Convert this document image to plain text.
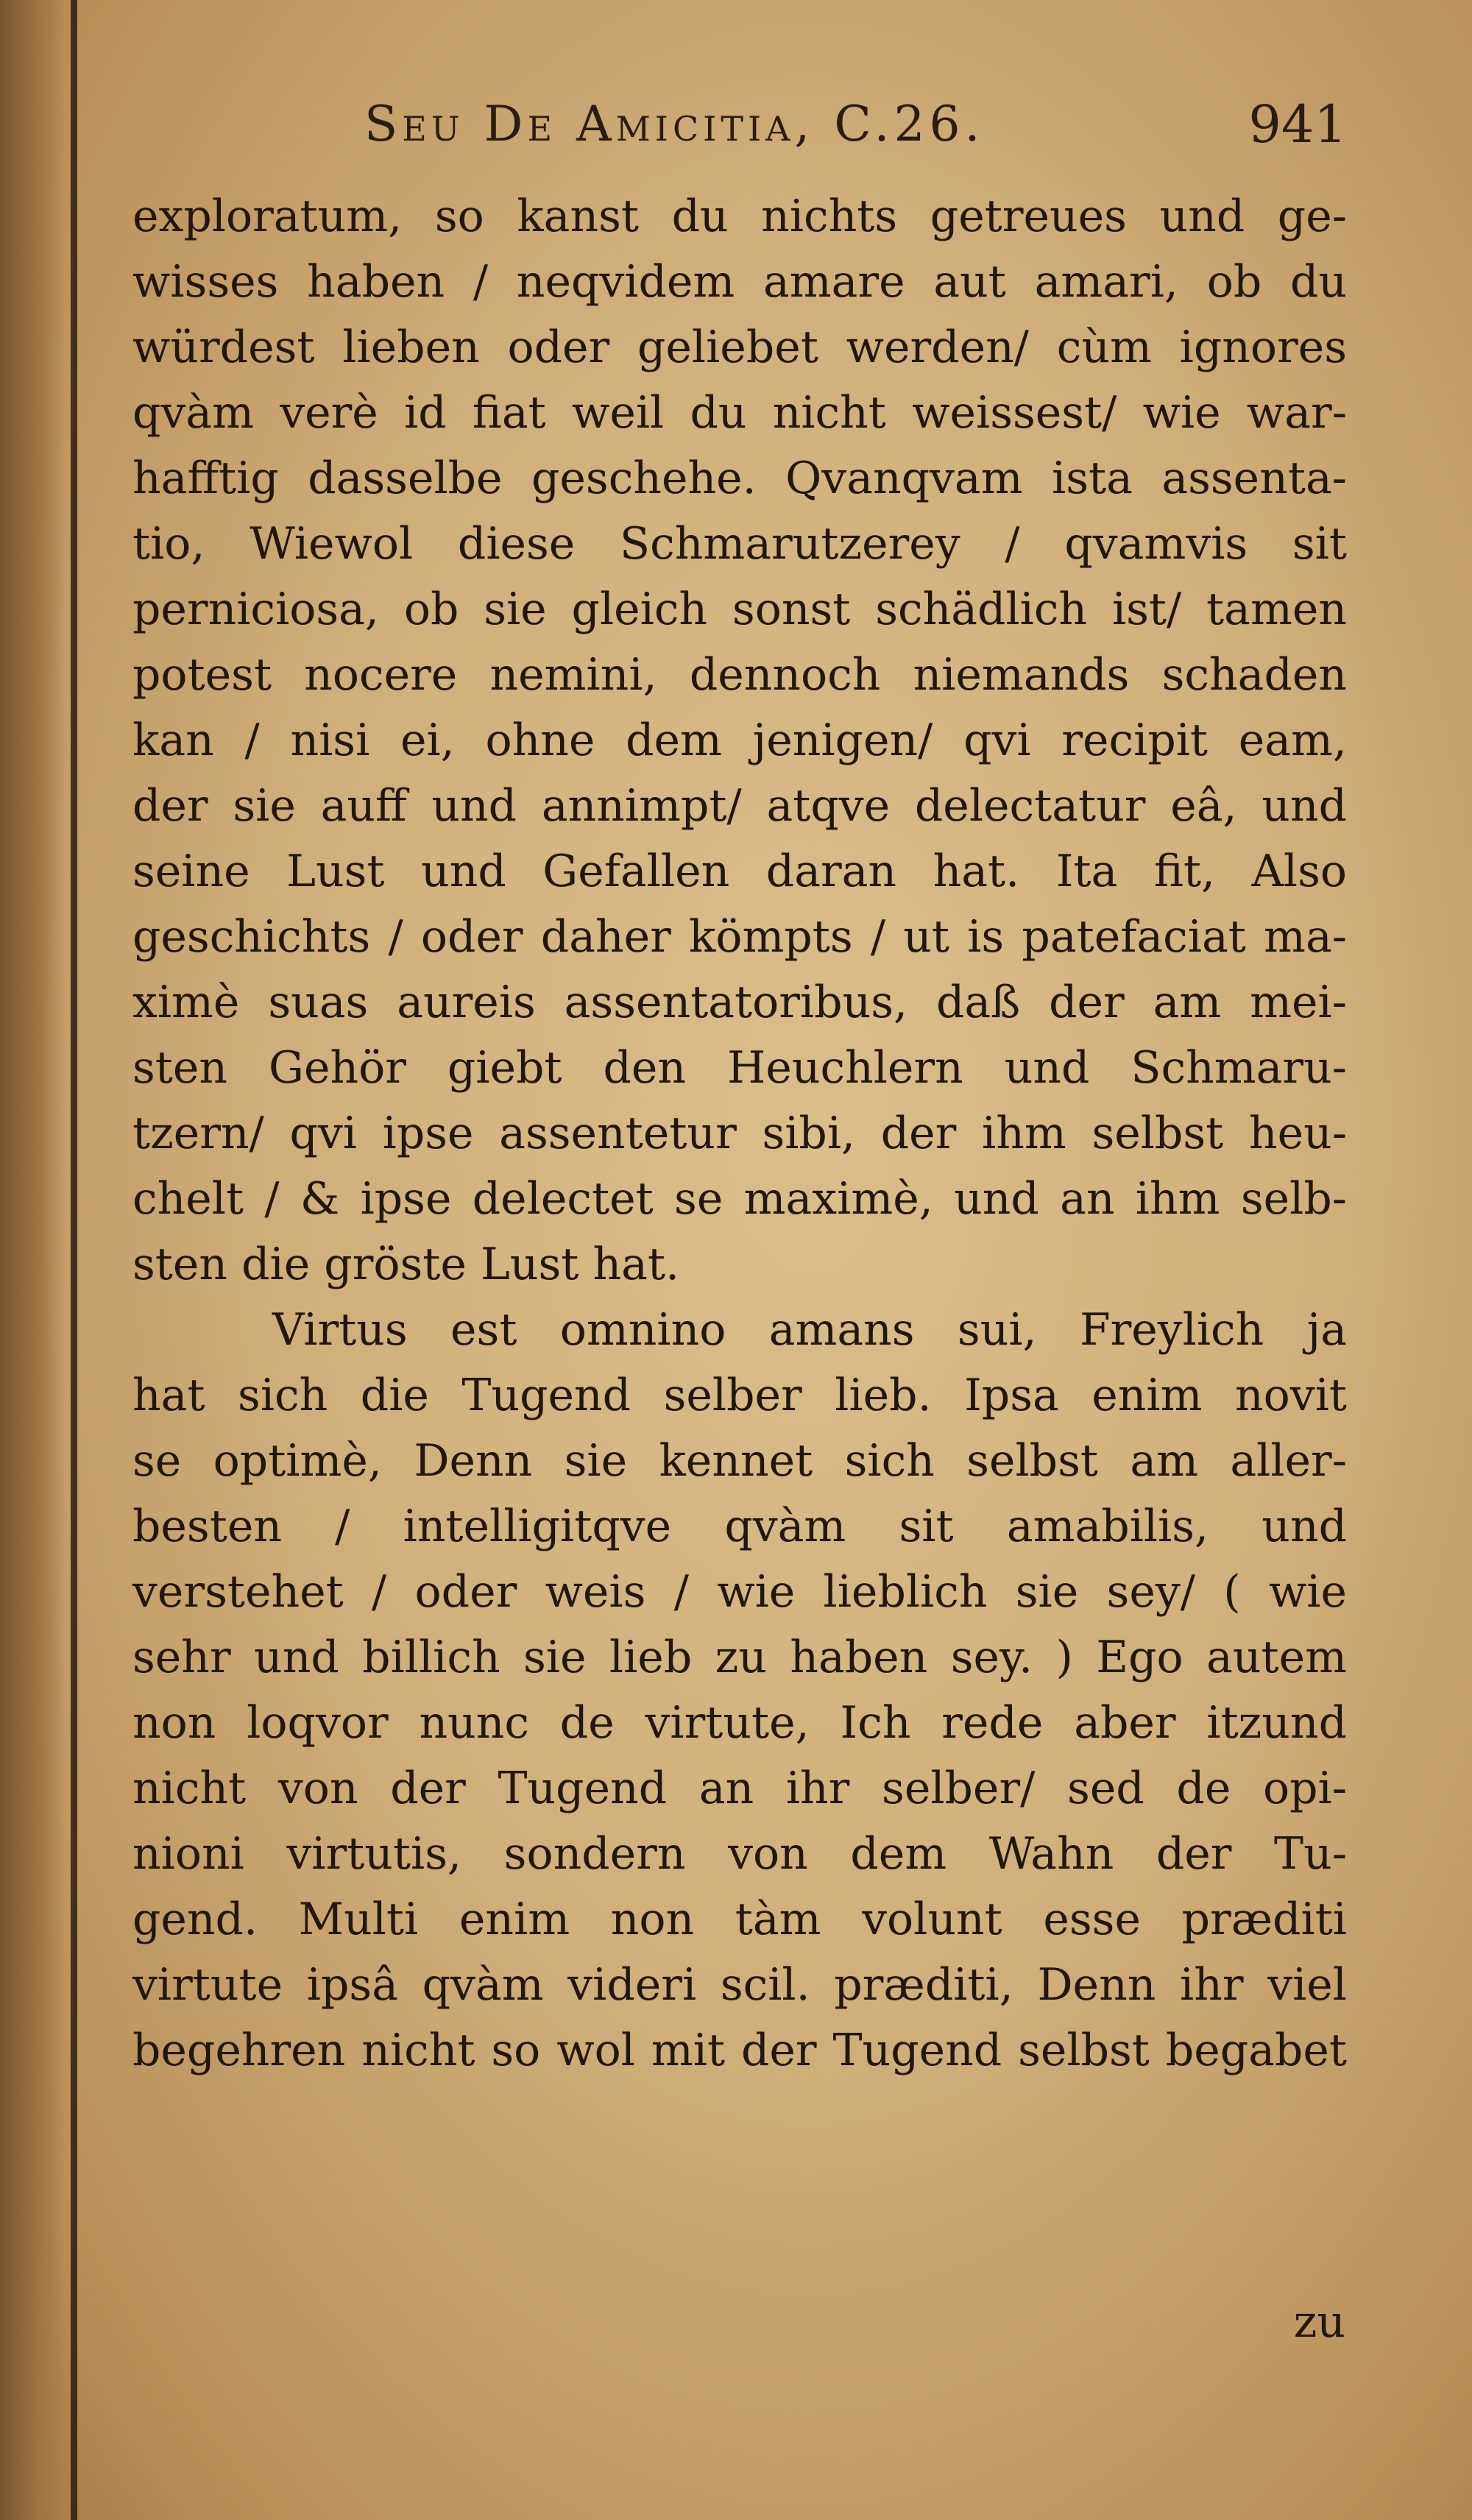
Seu De Amicitia, C.26.	941
exploratum, so kanst du nichts getreues und ge-
wisses haben / neqvidem amare aut amari, ob du
würdest lieben oder geliebet werden/ cùm ignores
qvàm verè id fiat weil du nicht weissest/ wie war-
hafftig dasselbe geschehe. Qvanqvam ista assenta-
tio, Wiewol diese Schmarutzerey / qvamvis sit
perniciosa, ob sie gleich sonst schädlich ist/ tamen
potest nocere nemini, dennoch niemands schaden
kan / nisi ei, ohne dem jenigen/ qvi recipit eam,
der sie auff und annimpt/ atqve delectatur eâ, und
seine Lust und Gefallen daran hat. Ita fit, Also
geschichts / oder daher kömpts / ut is patefaciat ma-
ximè suas aureis assentatoribus, daß der am mei-
sten Gehör giebt den Heuchlern und Schmaru-
tzern/ qvi ipse assentetur sibi, der ihm selbst heu-
chelt / & ipse delectet se maximè, und an ihm selb-
sten die gröste Lust hat.
Virtus est omnino amans sui, Freylich ja
hat sich die Tugend selber lieb. Ipsa enim novit
se optimè, Denn sie kennet sich selbst am aller-
besten / intelligitqve qvàm sit amabilis, und
verstehet / oder weis / wie lieblich sie sey/ ( wie
sehr und billich sie lieb zu haben sey. ) Ego autem
non loqvor nunc de virtute, Ich rede aber itzund
nicht von der Tugend an ihr selber/ sed de opi-
nioni virtutis, sondern von dem Wahn der Tu-
gend. Multi enim non tàm volunt esse præditi
virtute ipsâ qvàm videri scil. præditi, Denn ihr viel
begehren nicht so wol mit der Tugend selbst begabet
zu
